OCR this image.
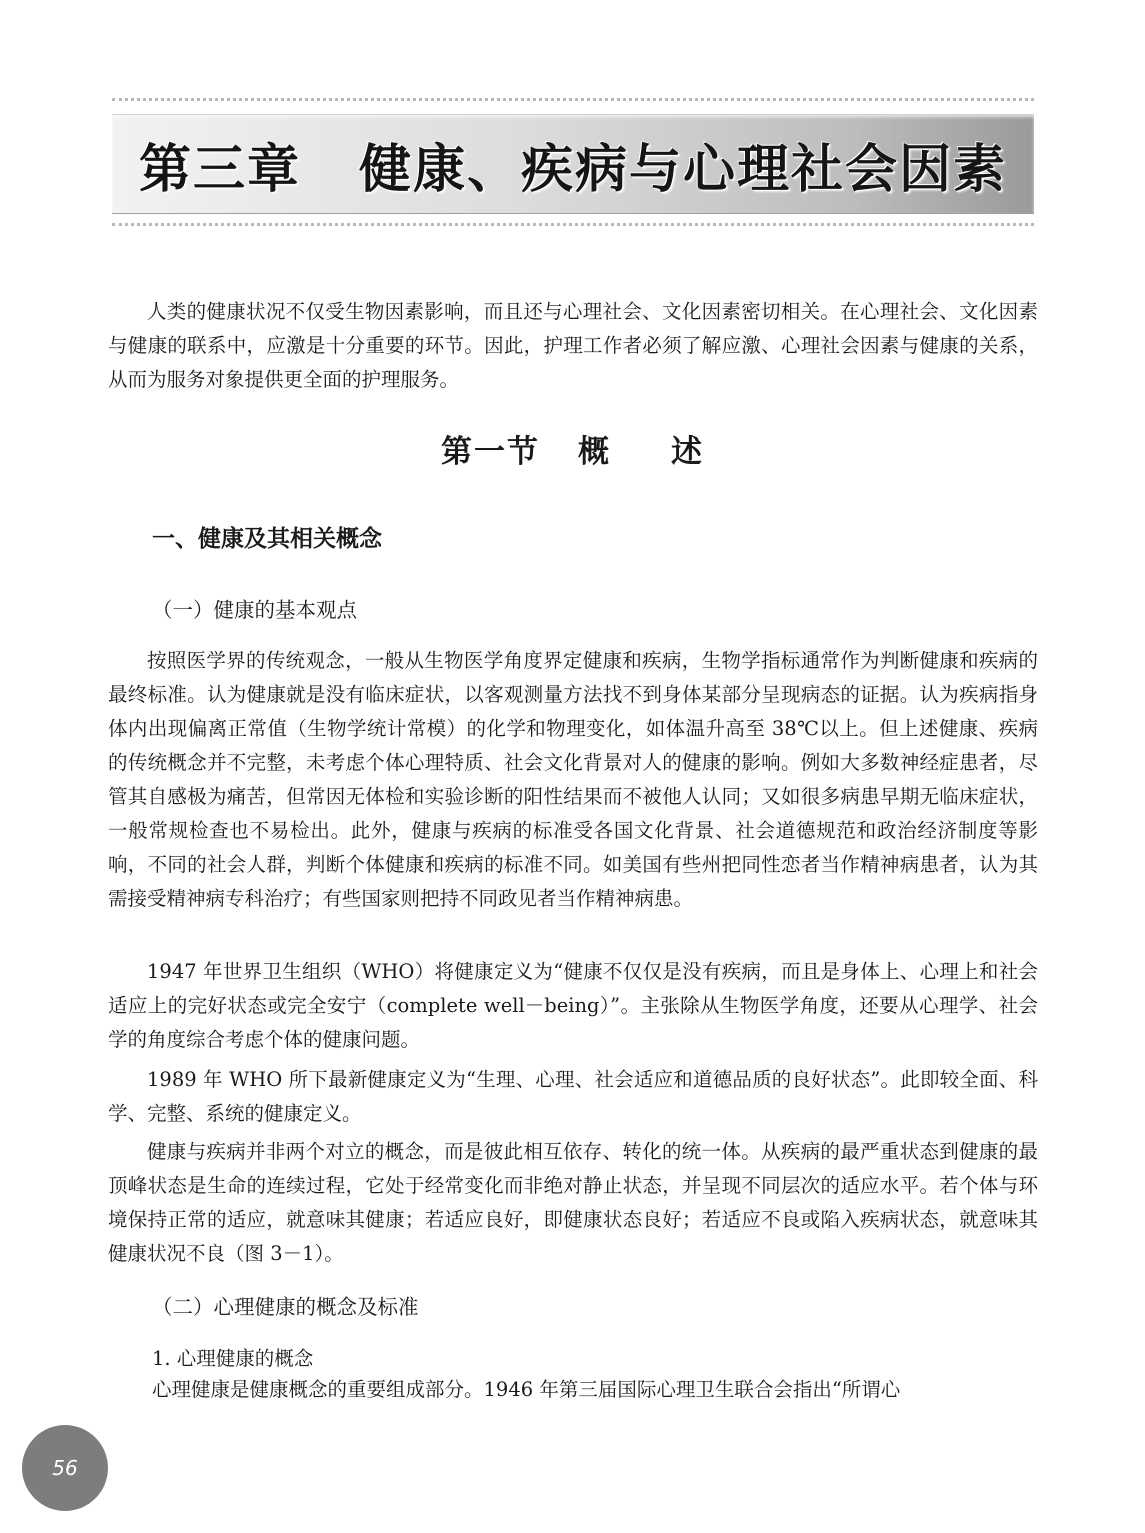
第三章 健康、疾病与心理社会因素

人类的健康状况不仅受生物因素影响，而且还与心理社会、文化因素密切相关。在心理社会、文化因素与健康的联系中，应激是十分重要的环节。因此，护理工作者必须了解应激、心理社会因素与健康的关系，从而为服务对象提供更全面的护理服务。

第一节 概 述
一、健康及其相关概念
（一）健康的基本观点

按照医学界的传统观念，一般从生物医学角度界定健康和疾病，生物学指标通常作为判断健康和疾病的最终标准。认为健康就是没有临床症状，以客观测量方法找不到身体某部分呈现病态的证据。认为疾病指身体内出现偏离正常值（生物学统计常模）的化学和物理变化，如体温升高至 38℃以上。但上述健康、疾病的传统概念并不完整，未考虑个体心理特质、社会文化背景对人的健康的影响。例如大多数神经症患者，尽管其自感极为痛苦，但常因无体检和实验诊断的阳性结果而不被他人认同；又如很多病患早期无临床症状，一般常规检查也不易检出。此外，健康与疾病的标准受各国文化背景、社会道德规范和政治经济制度等影响，不同的社会人群，判断个体健康和疾病的标准不同。如美国有些州把同性恋者当作精神病患者，认为其需接受精神病专科治疗；有些国家则把持不同政见者当作精神病患。

1947 年世界卫生组织（WHO）将健康定义为“健康不仅仅是没有疾病，而且是身体上、心理上和社会适应上的完好状态或完全安宁（complete well－being）”。主张除从生物医学角度，还要从心理学、社会学的角度综合考虑个体的健康问题。

1989 年 WHO 所下最新健康定义为“生理、心理、社会适应和道德品质的良好状态”。此即较全面、科学、完整、系统的健康定义。

健康与疾病并非两个对立的概念，而是彼此相互依存、转化的统一体。从疾病的最严重状态到健康的最顶峰状态是生命的连续过程，它处于经常变化而非绝对静止状态，并呈现不同层次的适应水平。若个体与环境保持正常的适应，就意味其健康；若适应良好，即健康状态良好；若适应不良或陷入疾病状态，就意味其健康状况不良（图 3－1）。

（二）心理健康的概念及标准
1. 心理健康的概念

心理健康是健康概念的重要组成部分。1946 年第三届国际心理卫生联合会指出“所谓心

56
